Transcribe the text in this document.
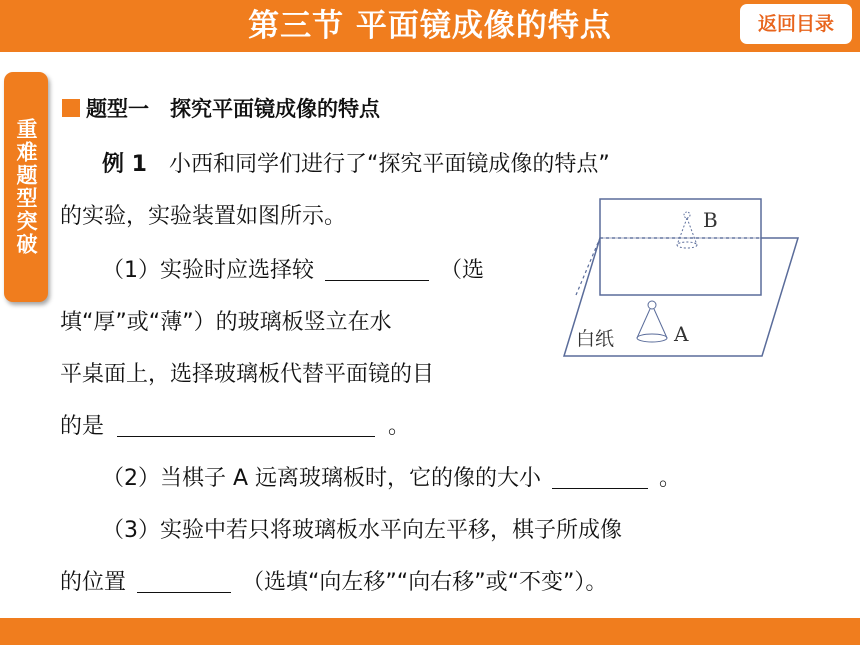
第三节 平面镜成像的特点	返回目录
重难题型突破
题型一　探究平面镜成像的特点
例 1 小西和同学们进行了“探究平面镜成像的特点”
的实验，实验装置如图所示。
（1）实验时应选择较	（选
填“厚”或“薄”）的玻璃板竖立在水
平桌面上，选择玻璃板代替平面镜的目
的是	。
（2）当棋子 A 远离玻璃板时，它的像的大小	。
（3）实验中若只将玻璃板水平向左平移，棋子所成像
的位置	（选填“向左移”“向右移”或“不变”）。
B
A
白纸
